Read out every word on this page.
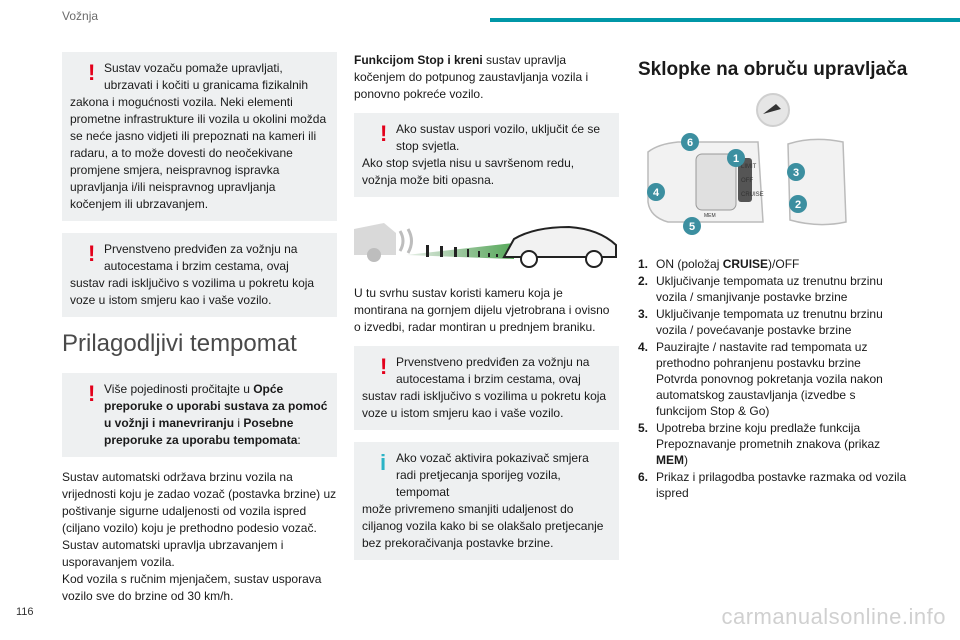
Vožnja
! Sustav vozaču pomaže upravljati, ubrzavati i kočiti u granicama fizikalnih
zakona i mogućnosti vozila. Neki elementi prometne infrastrukture ili vozila u okolini možda se neće jasno vidjeti ili prepoznati na kameri ili radaru, a to može dovesti do neočekivane promjene smjera, neispravnog ispravka upravljanja i/ili neispravnog upravljanja kočenjem ili ubrzavanjem.
! Prvenstveno predviđen za vožnju na autocestama i brzim cestama, ovaj
sustav radi isključivo s vozilima u pokretu koja voze u istom smjeru kao i vaše vozilo.
Prilagodljivi tempomat
! Više pojedinosti pročitajte u Opće preporuke o uporabi sustava za pomoć u vožnji i manevriranju i Posebne preporuke za uporabu tempomata:

Sustav automatski održava brzinu vozila na vrijednosti koju je zadao vozač (postavka brzine) uz poštivanje sigurne udaljenosti od vozila ispred (ciljano vozilo) koju je prethodno podesio vozač. Sustav automatski upravlja ubrzavanjem i usporavanjem vozila.
Kod vozila s ručnim mjenjačem, sustav usporava vozilo sve do brzine od 30 km/h.

Funkcijom Stop i kreni sustav upravlja kočenjem do potpunog zaustavljanja vozila i ponovno pokreće vozilo.

! Ako sustav uspori vozilo, uključit će se stop svjetla.
Ako stop svjetla nisu u savršenom redu, vožnja može biti opasna.

U tu svrhu sustav koristi kameru koja je montirana na gornjem dijelu vjetrobrana i ovisno o izvedbi, radar montiran u prednjem braniku.

! Prvenstveno predviđen za vožnju na autocestama i brzim cestama, ovaj
sustav radi isključivo s vozilima u pokretu koja voze u istom smjeru kao i vaše vozilo.
i Ako vozač aktivira pokazivač smjera radi pretjecanja sporijeg vozila, tempomat
može privremeno smanjiti udaljenost do ciljanog vozila kako bi se olakšalo pretjecanje bez prekoračivanja postavke brzine.
Sklopke na obruču upravljača
LIMIT
OFF
CRUISE
MEM
1
2
3
4
5
6
1. ON (položaj CRUISE)/OFF
2. Uključivanje tempomata uz trenutnu brzinu vozila / smanjivanje postavke brzine
3. Uključivanje tempomata uz trenutnu brzinu vozila / povećavanje postavke brzine
4. Pauzirajte / nastavite rad tempomata uz prethodno pohranjenu postavku brzine
Potvrda ponovnog pokretanja vozila nakon automatskog zaustavljanja (izvedbe s funkcijom Stop & Go)
5. Upotreba brzine koju predlaže funkcija Prepoznavanje prometnih znakova (prikaz MEM)
6. Prikaz i prilagodba postavke razmaka od vozila ispred
116	carmanualsonline.info
